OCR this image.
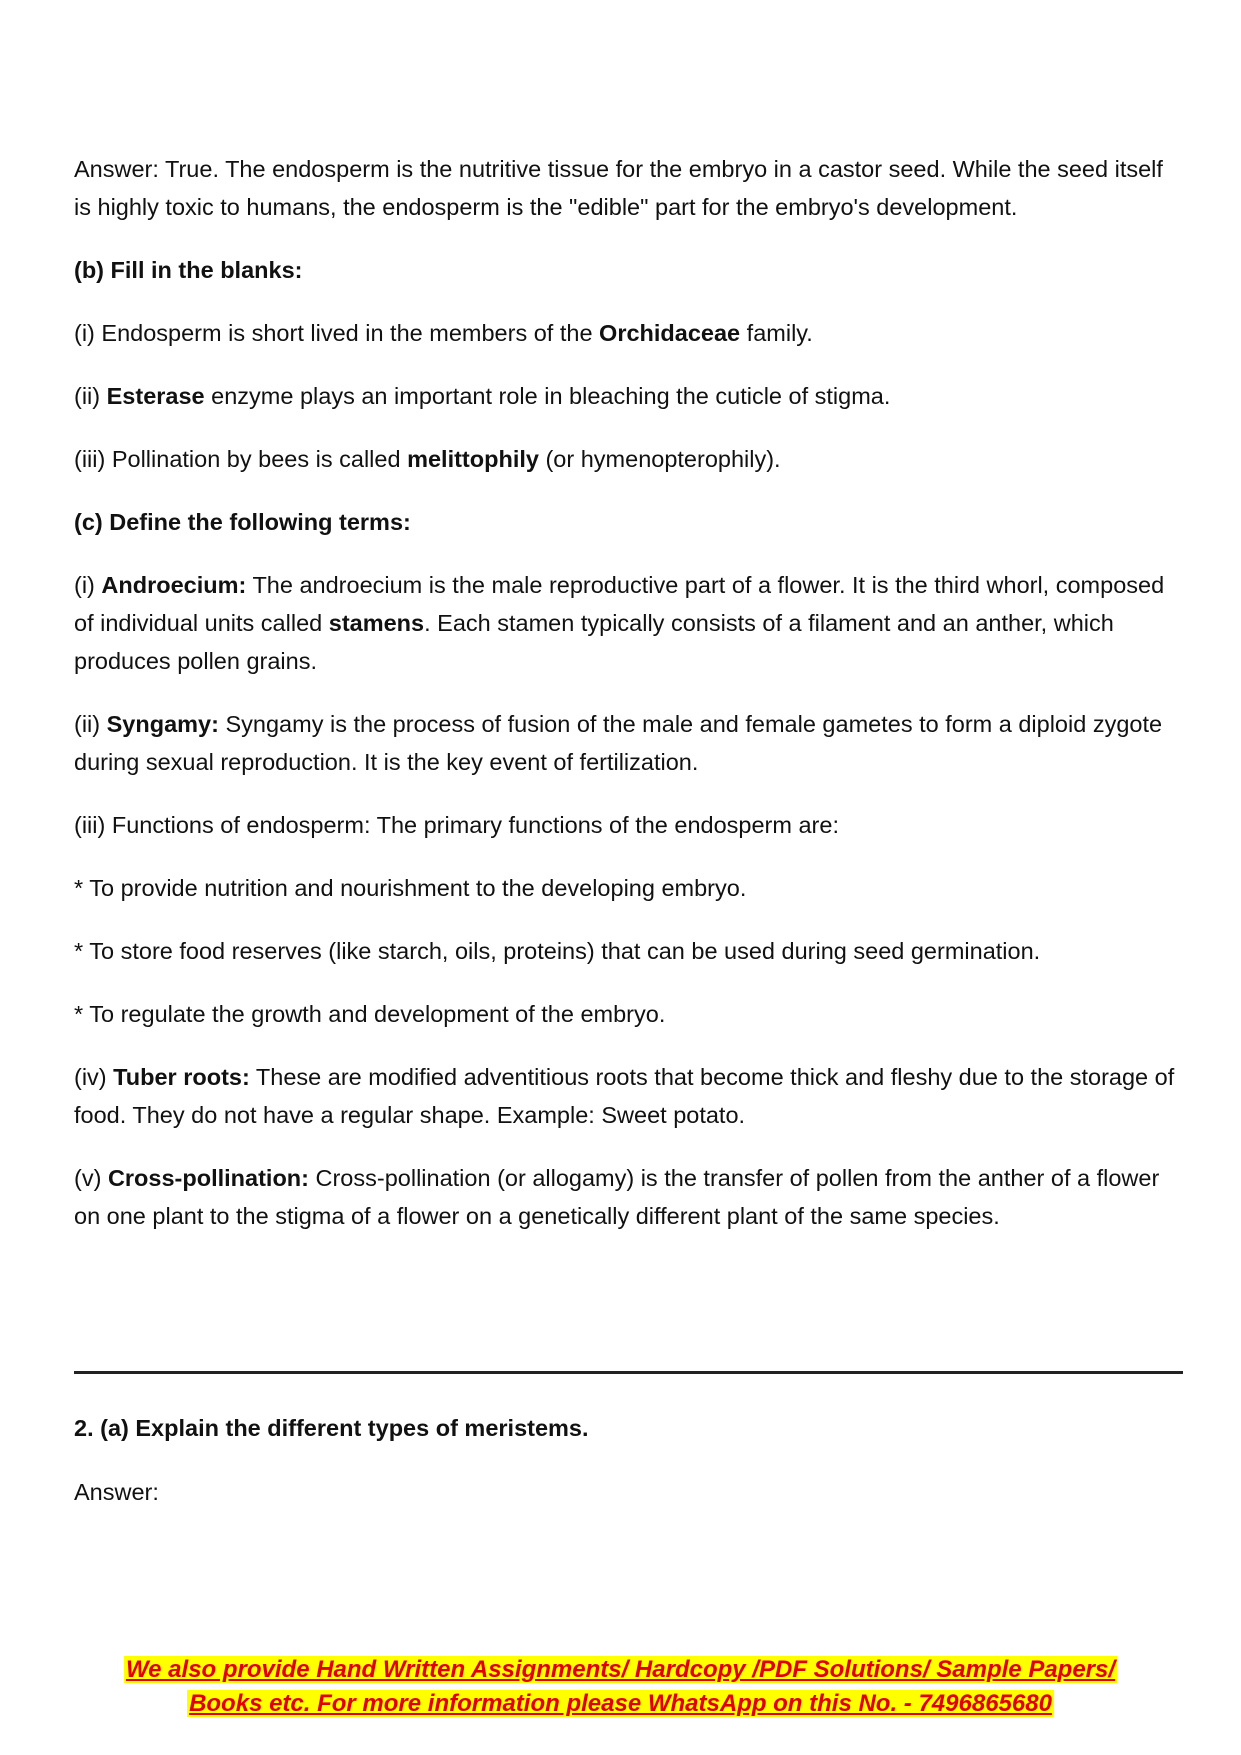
Answer: True. The endosperm is the nutritive tissue for the embryo in a castor seed. While the seed itself is highly toxic to humans, the endosperm is the "edible" part for the embryo's development.

(b) Fill in the blanks:

(i) Endosperm is short lived in the members of the Orchidaceae family.

(ii) Esterase enzyme plays an important role in bleaching the cuticle of stigma.

(iii) Pollination by bees is called melittophily (or hymenopterophily).

(c) Define the following terms:

(i) Androecium: The androecium is the male reproductive part of a flower. It is the third whorl, composed of individual units called stamens. Each stamen typically consists of a filament and an anther, which produces pollen grains.

(ii) Syngamy: Syngamy is the process of fusion of the male and female gametes to form a diploid zygote during sexual reproduction. It is the key event of fertilization.

(iii) Functions of endosperm: The primary functions of the endosperm are:

* To provide nutrition and nourishment to the developing embryo.

* To store food reserves (like starch, oils, proteins) that can be used during seed germination.

* To regulate the growth and development of the embryo.

(iv) Tuber roots: These are modified adventitious roots that become thick and fleshy due to the storage of food. They do not have a regular shape. Example: Sweet potato.

(v) Cross-pollination: Cross-pollination (or allogamy) is the transfer of pollen from the anther of a flower on one plant to the stigma of a flower on a genetically different plant of the same species.

2. (a) Explain the different types of meristems.
Answer:
We also provide Hand Written Assignments/ Hardcopy /PDF Solutions/ Sample Papers/
Books etc. For more information please WhatsApp on this No. - 7496865680
